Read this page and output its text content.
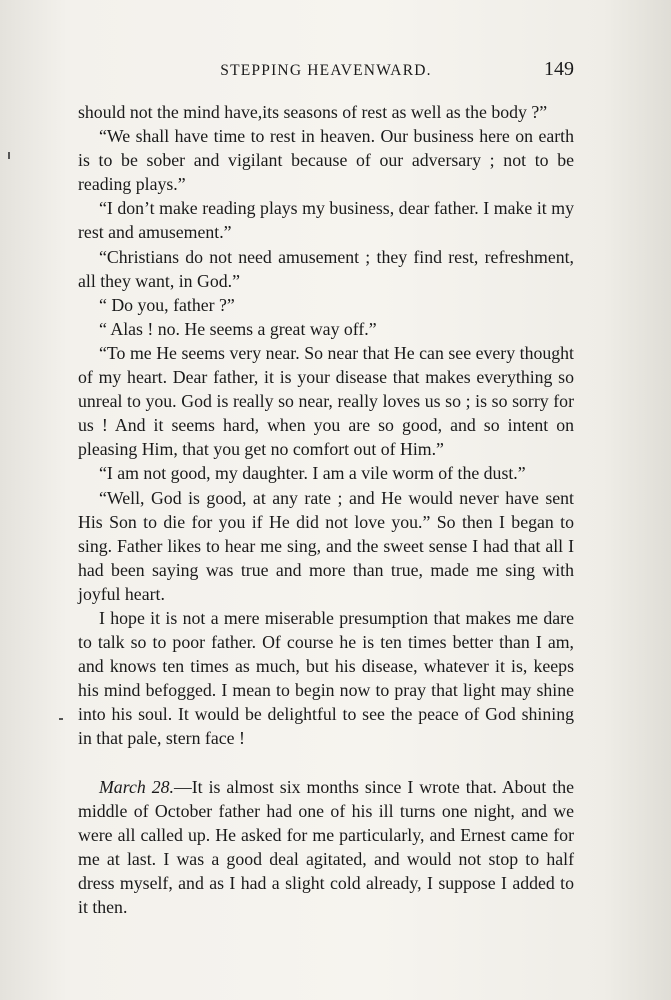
STEPPING HEAVENWARD.	149

should not the mind have,its seasons of rest as well as the body ?”

“We shall have time to rest in heaven. Our business here on earth is to be sober and vigilant because of our adversary ; not to be reading plays.”

“I don’t make reading plays my business, dear father. I make it my rest and amusement.”

“Christians do not need amusement ; they find rest, refreshment, all they want, in God.”

“ Do you, father ?”

“ Alas ! no. He seems a great way off.”

“To me He seems very near. So near that He can see every thought of my heart. Dear father, it is your disease that makes everything so unreal to you. God is really so near, really loves us so ; is so sorry for us ! And it seems hard, when you are so good, and so intent on pleasing Him, that you get no comfort out of Him.”

“I am not good, my daughter. I am a vile worm of the dust.”

“Well, God is good, at any rate ; and He would never have sent His Son to die for you if He did not love you.” So then I began to sing. Father likes to hear me sing, and the sweet sense I had that all I had been saying was true and more than true, made me sing with joyful heart.

I hope it is not a mere miserable presumption that makes me dare to talk so to poor father. Of course he is ten times better than I am, and knows ten times as much, but his disease, whatever it is, keeps his mind befogged. I mean to begin now to pray that light may shine into his soul. It would be delightful to see the peace of God shining in that pale, stern face !

March 28.—It is almost six months since I wrote that. About the middle of October father had one of his ill turns one night, and we were all called up. He asked for me particularly, and Ernest came for me at last. I was a good deal agitated, and would not stop to half dress myself, and as I had a slight cold already, I suppose I added to it then.
